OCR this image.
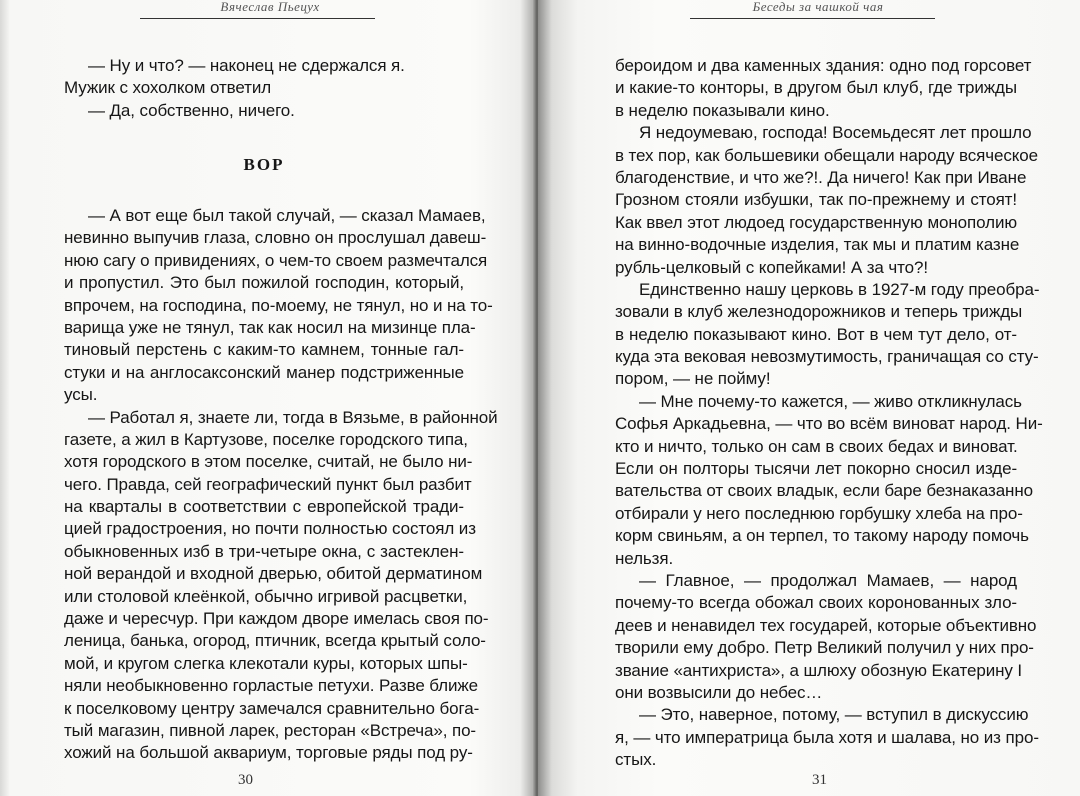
Вячеслав Пьецух
— Ну и что? — наконец не сдержался я.
Мужик с хохолком ответил
— Да, собственно, ничего.
ВОР
— А вот еще был такой случай, — сказал Мамаев,
невинно выпучив глаза, словно он прослушал давеш-
нюю сагу о привидениях, о чем-то своем размечтался
и пропустил. Это был пожилой господин, который,
впрочем, на господина, по-моему, не тянул, но и на то-
варища уже не тянул, так как носил на мизинце пла-
тиновый перстень с каким-то камнем, тонные гал-
стуки и на англосаксонский манер подстриженные
усы.
— Работал я, знаете ли, тогда в Вязьме, в районной
газете, а жил в Картузове, поселке городского типа,
хотя городского в этом поселке, считай, не было ни-
чего. Правда, сей географический пункт был разбит
на кварталы в соответствии с европейской тради-
цией градостроения, но почти полностью состоял из
обыкновенных изб в три-четыре окна, с застеклен-
ной верандой и входной дверью, обитой дерматином
или столовой клеёнкой, обычно игривой расцветки,
даже и чересчур. При каждом дворе имелась своя по-
леница, банька, огород, птичник, всегда крытый соло-
мой, и кругом слегка клекотали куры, которых шпы-
няли необыкновенно горластые петухи. Разве ближе
к поселковому центру замечался сравнительно бога-
тый магазин, пивной ларек, ресторан «Встреча», по-
хожий на большой аквариум, торговые ряды под ру-
30
Беседы за чашкой чая
бероидом и два каменных здания: одно под горсовет
и какие-то конторы, в другом был клуб, где трижды
в неделю показывали кино.
Я недоумеваю, господа! Восемьдесят лет прошло
в тех пор, как большевики обещали народу всяческое
благоденствие, и что же?!. Да ничего! Как при Иване
Грозном стояли избушки, так по-прежнему и стоят!
Как ввел этот людоед государственную монополию
на винно-водочные изделия, так мы и платим казне
рубль-целковый с копейками! А за что?!
Единственно нашу церковь в 1927-м году преобра-
зовали в клуб железнодорожников и теперь трижды
в неделю показывают кино. Вот в чем тут дело, от-
куда эта вековая невозмутимость, граничащая со сту-
пором, — не пойму!
— Мне почему-то кажется, — живо откликнулась
Софья Аркадьевна, — что во всём виноват народ. Ни-
кто и ничто, только он сам в своих бедах и виноват.
Если он полторы тысячи лет покорно сносил изде-
вательства от своих владык, если баре безнаказанно
отбирали у него последнюю горбушку хлеба на про-
корм свиньям, а он терпел, то такому народу помочь
нельзя.
— Главное, — продолжал Мамаев, — народ
почему-то всегда обожал своих коронованных зло-
деев и ненавидел тех государей, которые объективно
творили ему добро. Петр Великий получил у них про-
звание «антихриста», а шлюху обозную Екатерину I
они возвысили до небес…
— Это, наверное, потому, — вступил в дискуссию
я, — что императрица была хотя и шалава, но из про-
стых.
31
